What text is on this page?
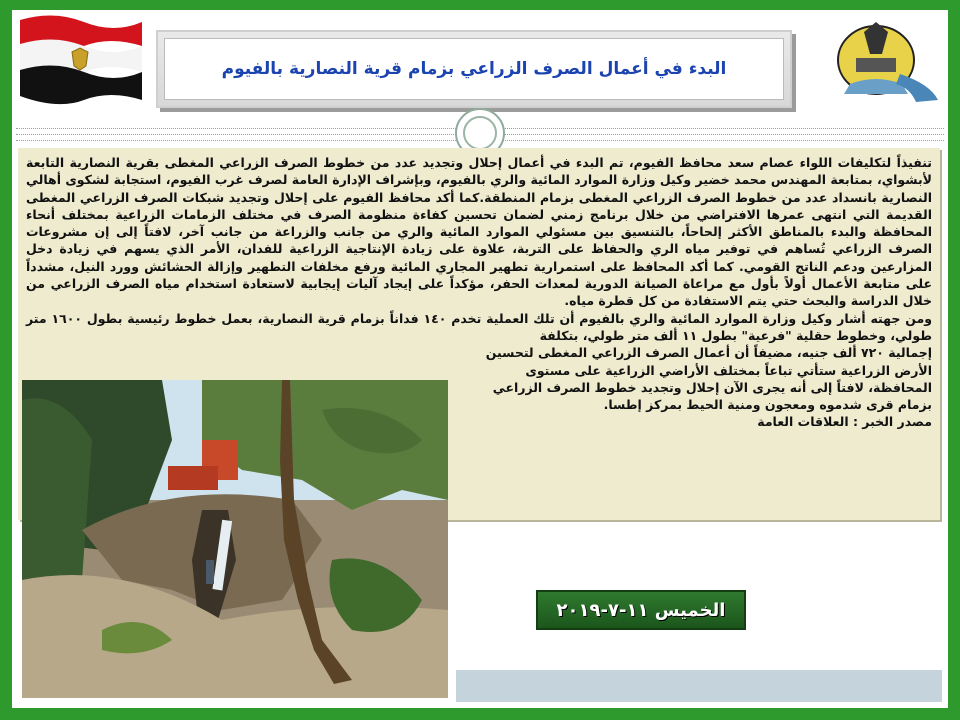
البدء في أعمال الصرف الزراعي بزمام قرية النصارية بالفيوم

تنفيذاً لتكليفات اللواء عصام سعد محافظ الفيوم، تم البدء في أعمال إحلال وتجديد عدد من خطوط الصرف الزراعي المغطى بقرية النصارية التابعة لأبشواي، بمتابعة المهندس محمد خضير وكيل وزارة الموارد المائية والري بالفيوم، وبإشراف الإدارة العامة لصرف غرب الفيوم، استجابة لشكوى أهالي النصارية بانسداد عدد من خطوط الصرف الزراعي المغطى بزمام المنطقة.كما أكد محافظ الفيوم على إحلال وتجديد شبكات الصرف الزراعي المغطى القديمة التي انتهى عمرها الافتراضي من خلال برنامج زمني لضمان تحسين كفاءة منظومة الصرف في مختلف الزمامات الزراعية بمختلف أنحاء المحافظة والبدء بالمناطق الأكثر إلحاحاً، بالتنسيق بين مسئولي الموارد المائية والري من جانب والزراعة من جانب آخر، لافتاً إلى إن مشروعات الصرف الزراعي تُساهم في توفير مياه الري والحفاظ على التربة، علاوة على زيادة الإنتاجية الزراعية للفدان، الأمر الذي يسهم في زيادة دخل المزارعين ودعم الناتج القومي. كما أكد المحافظ على استمرارية تطهير المجاري المائية ورفع مخلفات التطهير وإزالة الحشائش وورد النيل، مشدداً على متابعة الأعمال أولاً بأول مع مراعاة الصيانة الدورية لمعدات الحفر، مؤكداً على إيجاد آليات إيجابية لاستعادة استخدام مياه الصرف الزراعي من خلال الدراسة والبحث حتي يتم الاستفادة من كل قطرة مياه.

ومن جهته أشار وكيل وزارة الموارد المائية والري بالفيوم أن تلك العملية تخدم ١٤٠ فداناً بزمام قرية النصارية، بعمل خطوط رئيسية بطول ١٦٠٠ متر طولي، وخطوط حقلية "فرعية" بطول ١١ ألف متر طولي، بتكلفة

إجمالية ٧٢٠ ألف جنيه، مضيفاً أن أعمال الصرف الزراعي المغطى لتحسين

الأرض الزراعية ستأتي تباعاً بمختلف الأراضي الزراعية على مستوى

المحافظة، لافتاً إلى أنه يجرى الآن إحلال وتجديد خطوط الصرف الزراعي

بزمام قرى شدموه ومعجون ومنية الحيط بمركز إطسا.

مصدر الخبر : العلاقات العامة

الخميس ١١-٧-٢٠١٩
